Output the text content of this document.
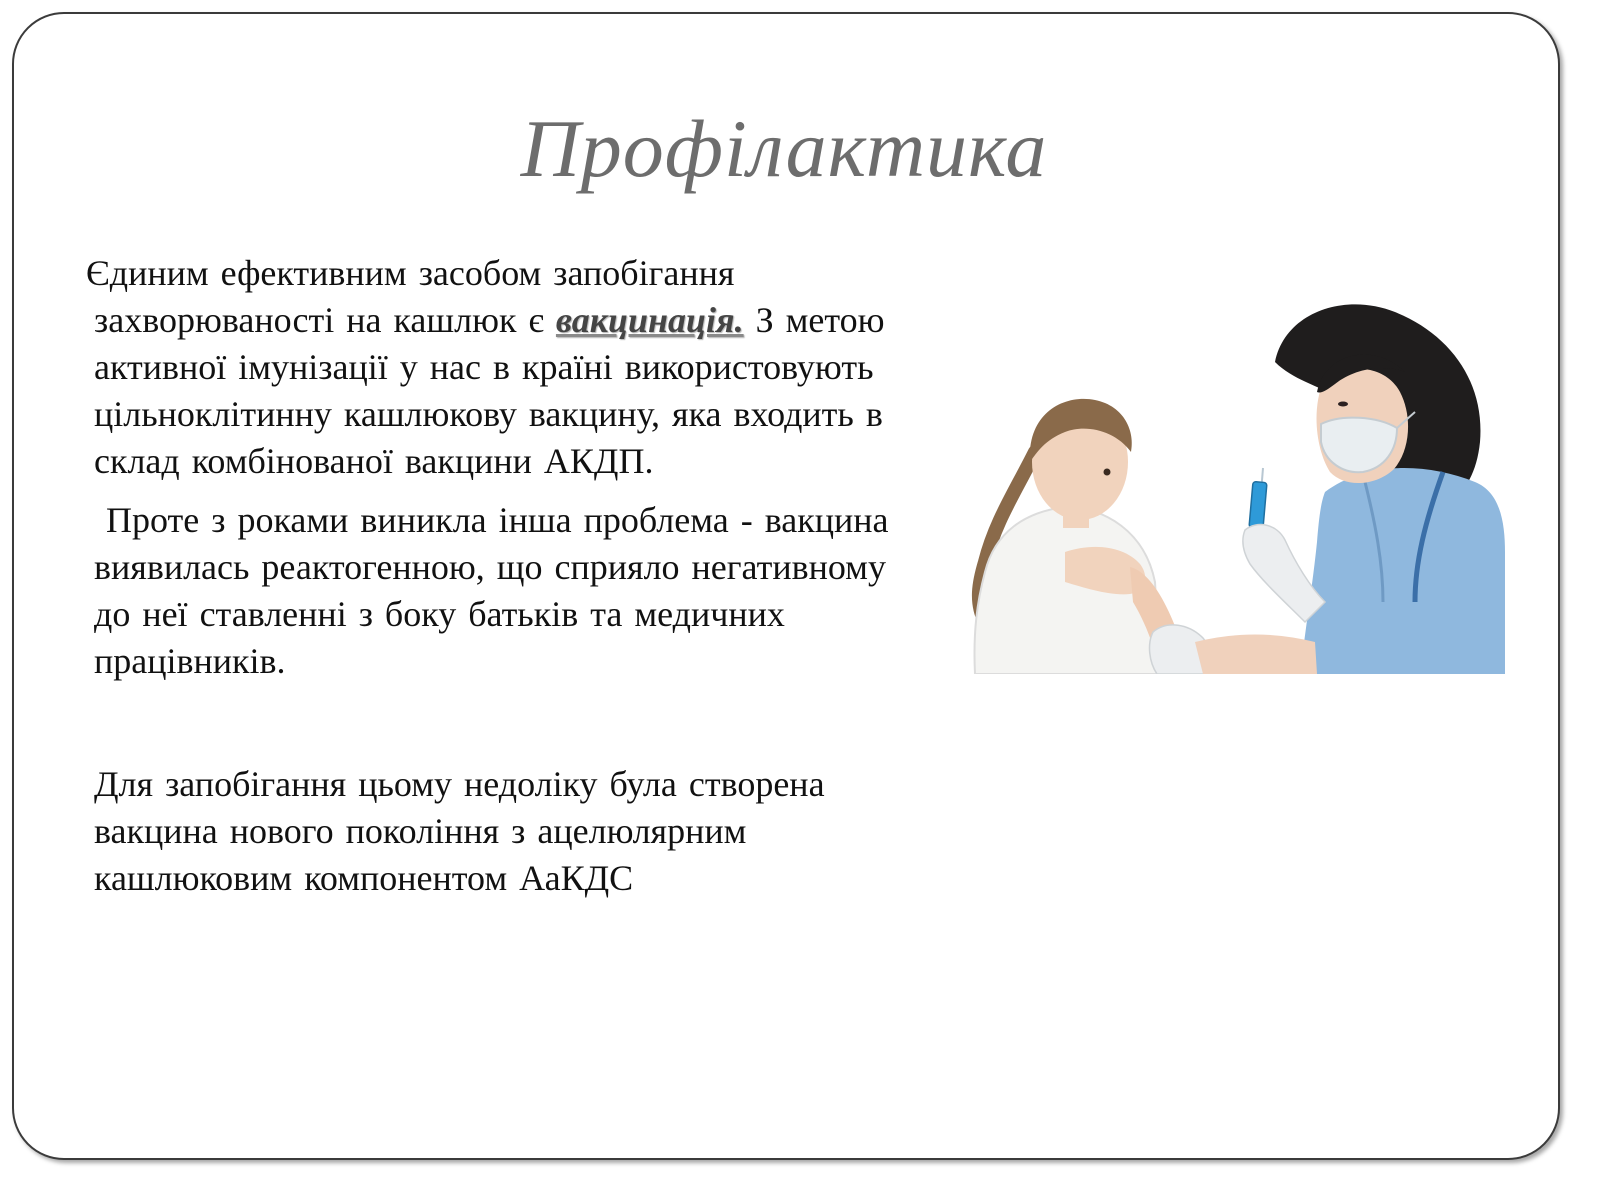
Профілактика

Єдиним ефективним засобом запобігання захворюваності на кашлюк є вакцинація. З метою активної імунізації у нас в країні використовують цільноклітинну кашлюкову вакцину, яка входить в склад комбінованої вакцини АКДП.

Проте з роками виникла інша проблема - вакцина виявилась реактогенною, що сприяло негативному до неї ставленні з боку батьків та медичних працівників.

Для запобігання цьому недоліку була створена вакцина нового покоління з ацелюлярним кашлюковим компонентом АаКДС
